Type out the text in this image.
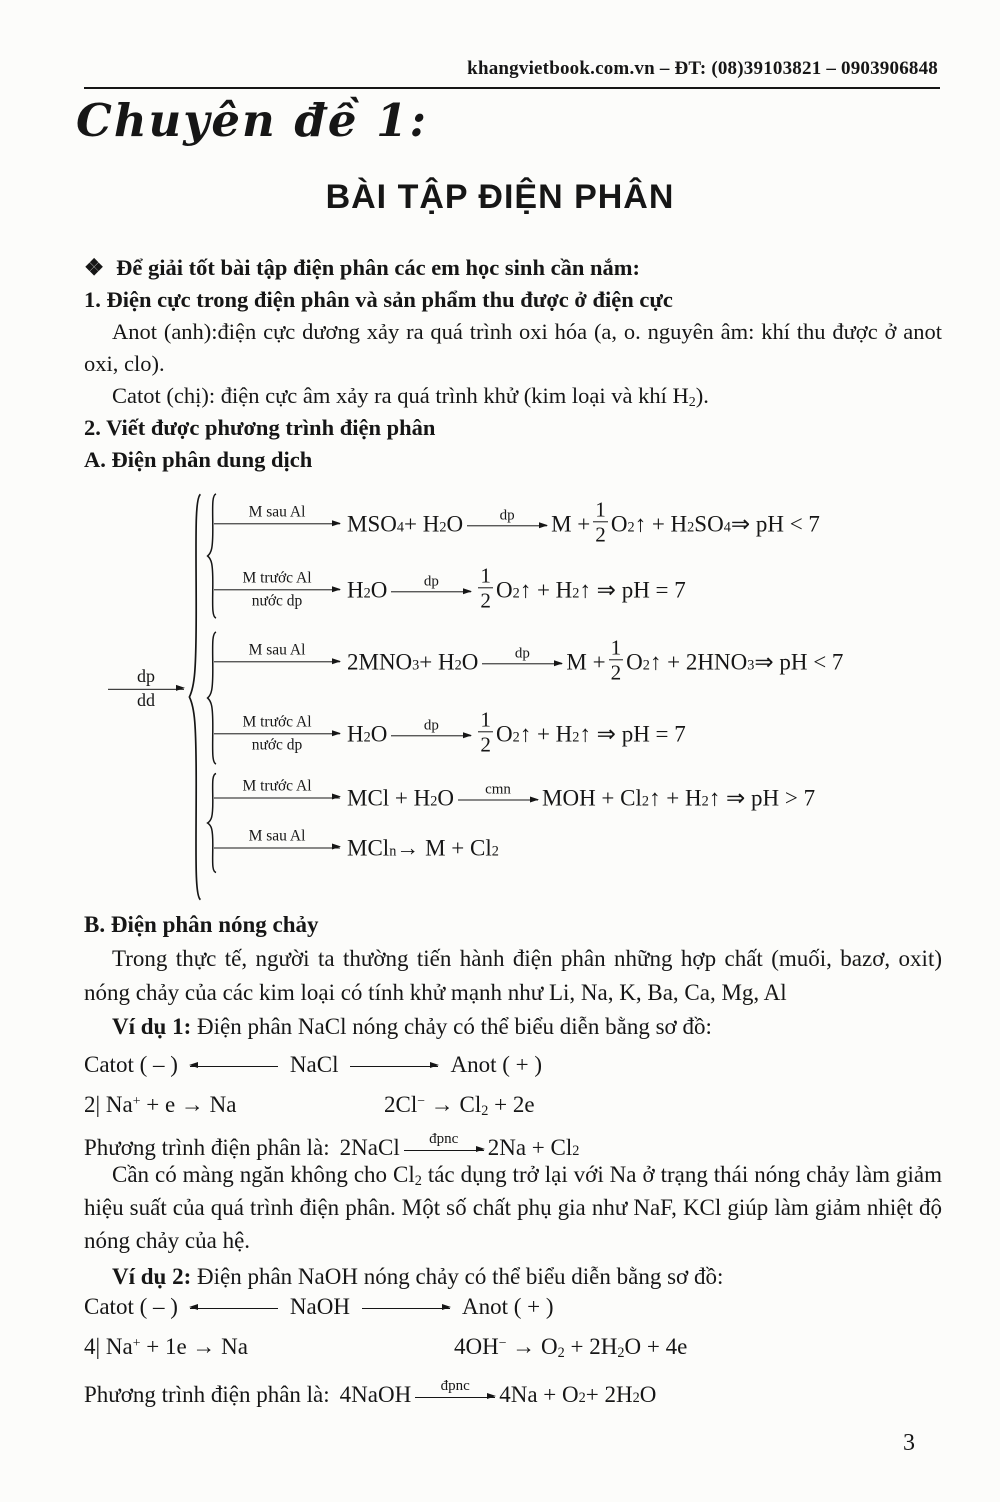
khangvietbook.com.vn – ĐT: (08)39103821 – 0903906848
Chuyên đề 1:
BÀI TẬP ĐIỆN PHÂN

❖ Để giải tốt bài tập điện phân các em học sinh cần nắm:

1. Điện cực trong điện phân và sản phẩm thu được ở điện cực

Anot (anh):điện cực dương xảy ra quá trình oxi hóa (a, o. nguyên âm: khí thu được ở anot oxi, clo).

Catot (chị): điện cực âm xảy ra quá trình khử (kim loại và khí $H_2$).

2. Viết được phương trình điện phân

A. Điện phân dung dịch

dp
dd
M sau Al $MSO_4 + H_2$ O	dp $M + \frac{1}{2} O_2$ ↑ + $H_2$ $SO_4$ ⇒ pH < 7
M trước Al
nước dp $H_2$ O	dp $\frac{1}{2} O_2$ ↑ + $H_2$ ↑ ⇒ pH = 7
M sau Al $2MNO_3 + H_2$ O	dp $M + \frac{1}{2} O_2$ ↑ + $2HNO_3$ ⇒ pH < 7
M trước Al
nước dp $H_2$ O	dp $\frac{1}{2} O_2$ ↑ + $H_2$ ↑ ⇒ pH = 7
M trước Al MCl + $H_2$ O	cmn MOH + $Cl_2$ ↑ + $H_2$ ↑ ⇒ pH > 7
M sau Al $MCl_n \to M + Cl_2$

B. Điện phân nóng chảy

Trong thực tế, người ta thường tiến hành điện phân những hợp chất (muối, bazơ, oxit) nóng chảy của các kim loại có tính khử mạnh như Li, Na, K, Ba, Ca, Mg, Al

Ví dụ 1: Điện phân NaCl nóng chảy có thể biểu diễn bằng sơ đồ:

Catot ( – )	NaCl	Anot ( + )
2| Na+ + e → Na	$2Cl^- \to Cl_2 + 2e$
Phương trình điện phân là: 2NaCl	đpnc $2Na + Cl_2$

Cần có màng ngăn không cho $Cl_2$ tác dụng trở lại với Na ở trạng thái nóng chảy làm giảm hiệu suất của quá trình điện phân. Một số chất phụ gia như NaF, KCl giúp làm giảm nhiệt độ nóng chảy của hệ.

Ví dụ 2: Điện phân NaOH nóng chảy có thể biểu diễn bằng sơ đồ:

Catot ( – )	NaOH	Anot ( + )
4| Na+ + 1e → Na	$4OH^- \to O_2 + 2H_2O + 4e$
Phương trình điện phân là: 4NaOH	đpnc $4Na + O_2 + 2H_2$ O
3
